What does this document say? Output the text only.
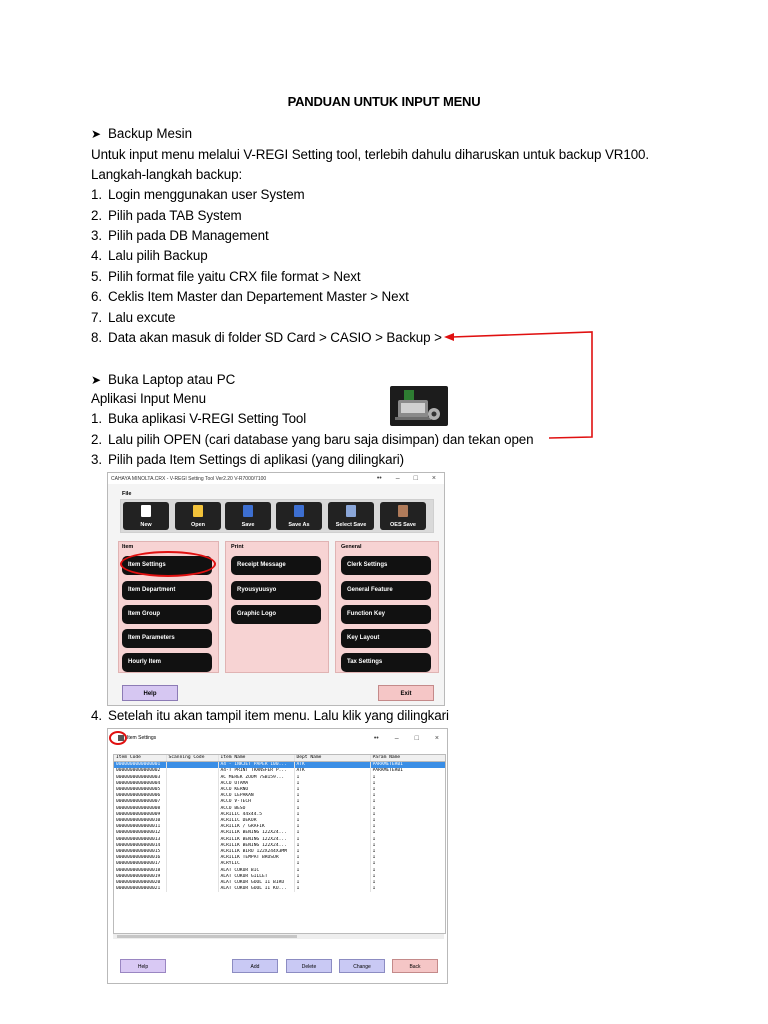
PANDUAN UNTUK INPUT MENU
➤ Backup Mesin
Untuk input menu melalui V-REGI Setting tool, terlebih dahulu diharuskan untuk backup VR100.
Langkah-langkah backup:
1. Login menggunakan user System
2. Pilih pada TAB System
3. Pilih pada DB Management
4. Lalu pilih Backup
5. Pilih format file yaitu CRX file format > Next
6. Ceklis Item Master dan Departement Master > Next
7. Lalu excute
8. Data akan masuk di folder SD Card > CASIO > Backup >
➤ Buka Laptop atau PC
Aplikasi Input Menu
1. Buka aplikasi V-REGI Setting Tool
2. Lalu pilih OPEN (cari database yang baru saja disimpan) dan tekan open
3. Pilih pada Item Settings di aplikasi (yang dilingkari)
CAHAYA MINOLTA.CRX - V-REGI Setting Tool Ver2.20 V-R7000/7100	•• – □ ×
File
New	Open	Save	Save As	Select Save	OES Save
Item	Print	General
Item Settings
Item Department
Item Group
Item Parameters
Hourly Item
Receipt Message
Ryousyuusyo
Graphic Logo
Clerk Settings
General Feature
Function Key
Key Layout
Tax Settings
Help	Exit
4. Setelah itu akan tampil item menu. Lalu klik yang dilingkari
Item Settings	•• – □ ×
Item Code	Scanning Code	Item Name	Dept Name	Param Name
0000000000000001		A4 - INKJET PAPER 100...	ATK	PARAMETER01
0000000000000002		A4-T PRINT TRANSFER P...	ATK	PARAMETER01
0000000000000003		AC MEREK ZOOM 7SB159...	1	1
0000000000000004		ACCO UTAMA	1	1
0000000000000005		ACCO KERNO	1	1
0000000000000006		ACCO LEPAKAN	1	1
0000000000000007		ACCO V-TECH	1	1
0000000000000008		ACCO BESO	1	1
0000000000000009		ACRILIC 44x44.5	1	1
0000000000000010		ACRILIC DEKOR	1	1
0000000000000011		ACRILIK / GRAFIK	1	1
0000000000000012		ACRILIK BENING 122X24...	1	1
0000000000000013		ACRILIK BENING 122X24...	1	1
0000000000000014		ACRILIK BENING 122X24...	1	1
0000000000000015		ACRILIK BIRU 122X244X3MM	1	1
0000000000000016		ACRILIK TEMPAT BROSUR	1	1
0000000000000017		ACRYLIC	1	1
0000000000000018		ALAT CUKUR BIC	1	1
0000000000000019		ALAT CUKUR GILLET	1	1
0000000000000020		ALAT CUKUR GOOL II BIRU	1	1
0000000000000021		ALAT CUKUR GOOL II KU...	1	1
Help	Add	Delete	Change	Back
